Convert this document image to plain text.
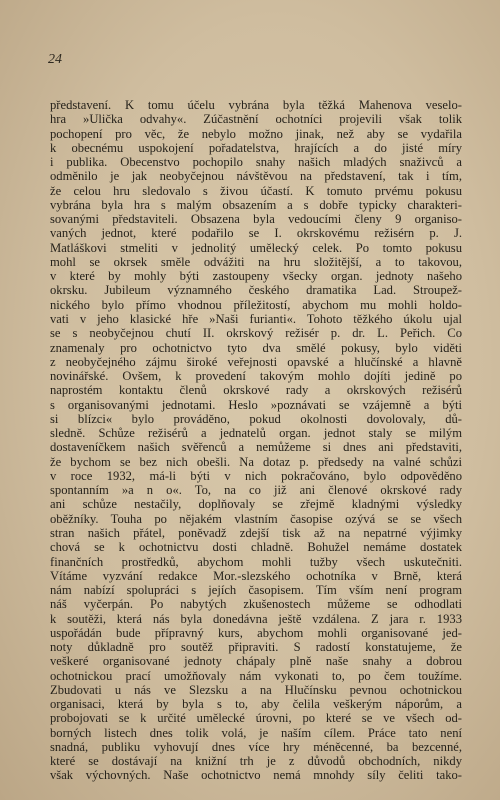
24
představení. K tomu účelu vybrána byla těžká Mahenova veselo-
hra »Ulička odvahy«. Zúčastnění ochotníci projevili však tolik
pochopení pro věc, že nebylo možno jinak, než aby se vydařila
k obecnému uspokojení pořadatelstva, hrajících a do jisté míry
i publika. Obecenstvo pochopilo snahy našich mladých snaživců a
odměnilo je jak neobyčejnou návštěvou na představení, tak i tím,
že celou hru sledovalo s živou účastí. K tomuto prvému pokusu
vybrána byla hra s malým obsazením a s dobře typicky charakteri-
sovanými představiteli. Obsazena byla vedoucími členy 9 organiso-
vaných jednot, které podařilo se I. okrskovému režisérn p. J.
Matláškovi stmeliti v jednolitý umělecký celek. Po tomto pokusu
mohl se okrsek směle odvážiti na hru složitější, a to takovou,
v které by mohly býti zastoupeny všecky organ. jednoty našeho
okrsku. Jubileum významného českého dramatika Lad. Stroupež-
nického bylo přímo vhodnou příležitostí, abychom mu mohli holdo-
vati v jeho klasické hře »Naši furianti«. Tohoto těžkého úkolu ujal
se s neobyčejnou chutí II. okrskový režisér p. dr. L. Peřich. Co
znamenaly pro ochotnictvo tyto dva smělé pokusy, bylo viděti
z neobyčejného zájmu široké veřejnosti opavské a hlučínské a hlavně
novinářské. Ovšem, k provedení takovým mohlo dojíti jedině po
naprostém kontaktu členů okrskové rady a okrskových režisérů
s organisovanými jednotami. Heslo »poznávati se vzájemně a býti
si blízci« bylo prováděno, pokud okolnosti dovolovaly, dů-
sledně. Schůze režisérů a jednatelů organ. jednot staly se milým
dostaveníčkem našich svěřenců a nemůžeme si dnes ani představiti,
že bychom se bez nich obešli. Na dotaz p. předsedy na valné schůzi
v roce 1932, má-li býti v nich pokračováno, bylo odpověděno
spontanním »a n o«. To, na co již ani členové okrskové rady
ani schůze nestačily, doplňovaly se zřejmě kladnými výsledky
oběžníky. Touha po nějakém vlastním časopise ozývá se se všech
stran našich přátel, poněvadž zdejší tisk až na nepatrné výjimky
chová se k ochotnictvu dosti chladně. Bohužel nemáme dostatek
finančních prostředků, abychom mohli tužby všech uskutečniti.
Vítáme vyzvání redakce Mor.-slezského ochotníka v Brně, která
nám nabízí spolupráci s jejích časopisem. Tím vším není program
náš vyčerpán. Po nabytých zkušenostech můžeme se odhodlati
k soutěži, která nás byla donedávna ještě vzdálena. Z jara r. 1933
uspořádán bude přípravný kurs, abychom mohli organisované jed-
noty důkladně pro soutěž připraviti. S radostí konstatujeme, že
veškeré organisované jednoty chápaly plně naše snahy a dobrou
ochotnickou prací umožňovaly nám vykonati to, po čem toužíme.
Zbudovati u nás ve Slezsku a na Hlučínsku pevnou ochotnickou
organisaci, která by byla s to, aby čelila veškerým náporům, a
probojovati se k určité umělecké úrovni, po které se ve všech od-
borných listech dnes tolik volá, je naším cílem. Práce tato není
snadná, publiku vyhovují dnes více hry méněcenné, ba bezcenné,
které se dostávají na knižní trh je z důvodů obchodních, nikdy
však výchovných. Naše ochotnictvo nemá mnohdy síly čeliti tako-
